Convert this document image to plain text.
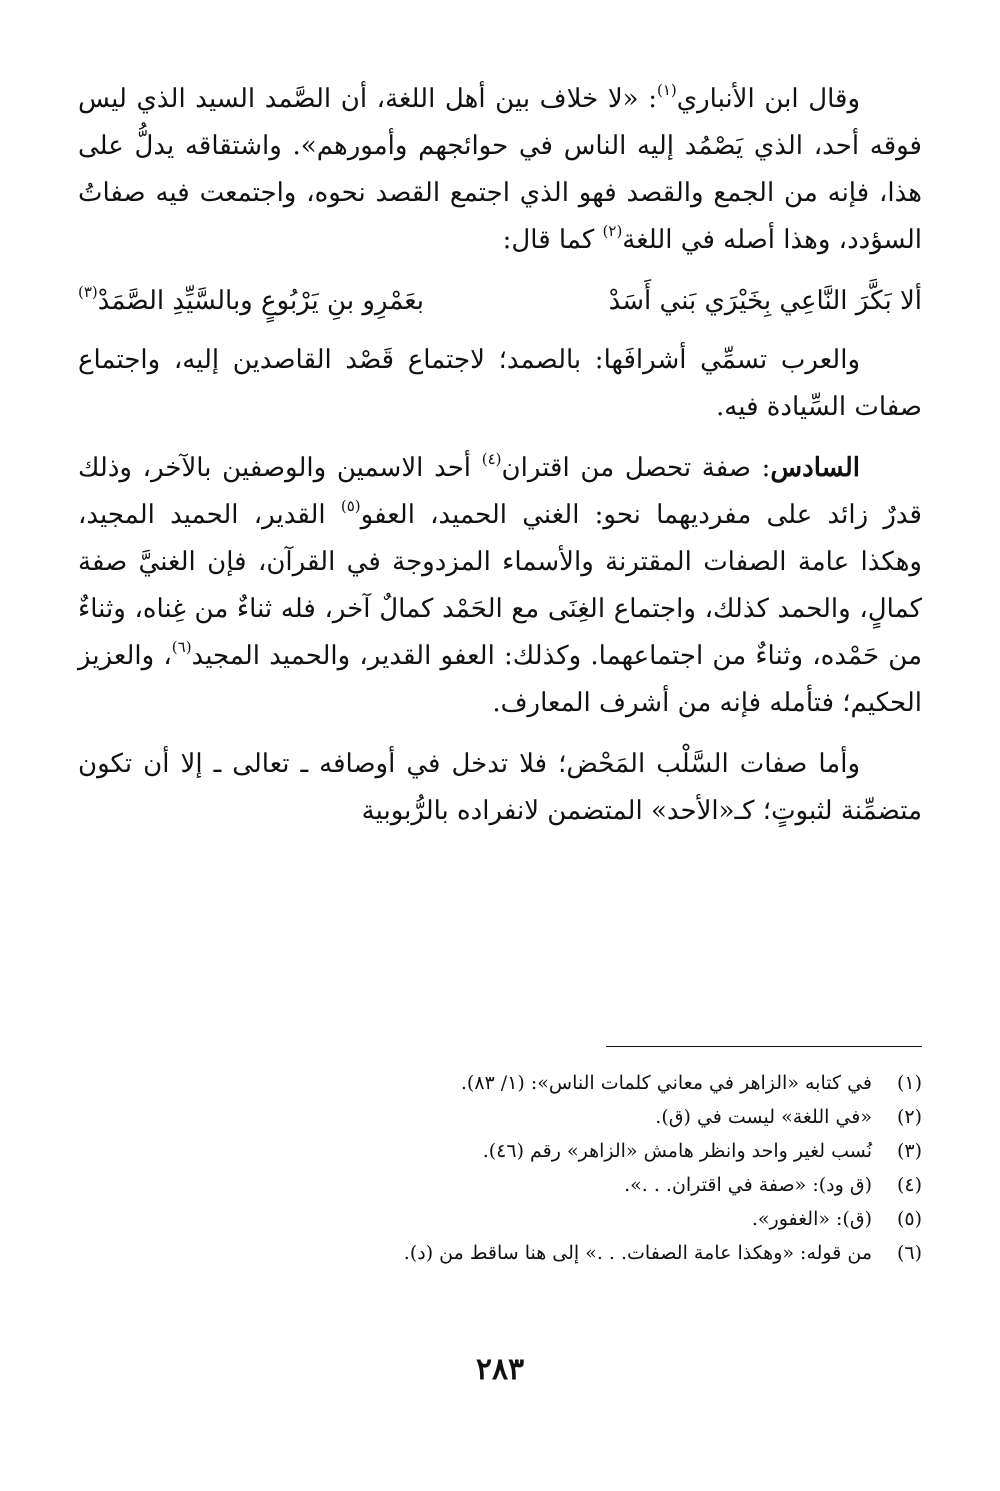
وقال ابن الأنباري$^{(١)}$: «لا خلاف بين أهل اللغة، أن الصَّمد السيد الذي ليس فوقه أحد، الذي يَصْمُد إليه الناس في حوائجهم وأمورهم». واشتقاقه يدلُّ على هذا، فإنه من الجمع والقصد فهو الذي اجتمع القصد نحوه، واجتمعت فيه صفاتُ السؤدد، وهذا أصله في اللغة$^{(٢)}$ كما قال:

ألا بَكَّرَ النَّاعِي بِخَيْرَي بَني أَسَدْ
بعَمْرِو بنِ يَرْبُوعٍ وبالسَّيِّدِ الصَّمَدْ$^{(٣)}$

والعرب تسمِّي أشرافَها: بالصمد؛ لاجتماع قَصْد القاصدين إليه، واجتماع صفات السِّيادة فيه.

السادس: صفة تحصل من اقتران$^{(٤)}$ أحد الاسمين والوصفين بالآخر، وذلك قدرٌ زائد على مفرديهما نحو: الغني الحميد، العفو$^{(٥)}$ القدير، الحميد المجيد، وهكذا عامة الصفات المقترنة والأسماء المزدوجة في القرآن، فإن الغنيَّ صفة كمالٍ، والحمد كذلك، واجتماع الغِنَى مع الحَمْد كمالٌ آخر، فله ثناءٌ من غِناه، وثناءٌ من حَمْده، وثناءٌ من اجتماعهما. وكذلك: العفو القدير، والحميد المجيد$^{(٦)}$، والعزيز الحكيم؛ فتأمله فإنه من أشرف المعارف.

وأما صفات السَّلْب المَحْض؛ فلا تدخل في أوصافه ـ تعالى ـ إلا أن تكون متضمِّنة لثبوتٍ؛ كـ«الأحد» المتضمن لانفراده بالرُّبوبية

(١)
في كتابه «الزاهر في معاني كلمات الناس»: (١/ ٨٣).
(٢)
«في اللغة» ليست في (ق).
(٣)
نُسب لغير واحد وانظر هامش «الزاهر» رقم (٤٦).
(٤)
(ق ود): «صفة في اقتران. . .».
(٥)
(ق): «الغفور».
(٦)
من قوله: «وهكذا عامة الصفات. . .» إلى هنا ساقط من (د).
٢٨٣
